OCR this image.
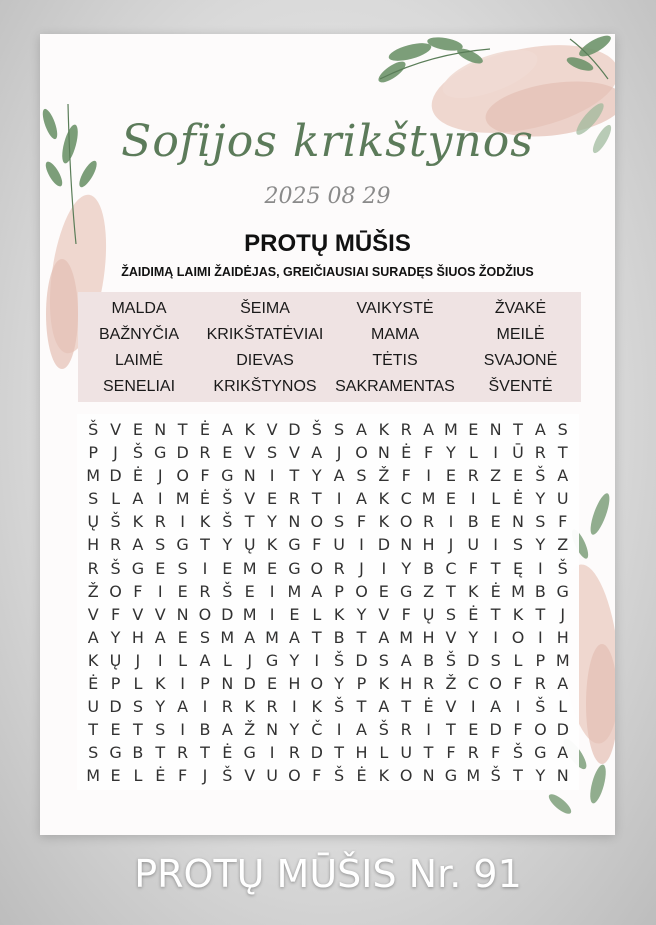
Sofijos krikštynos
2025 08 29
PROTŲ MŪŠIS
ŽAIDIMĄ LAIMI ŽAIDĖJAS, GREIČIAUSIAI SURADĘS ŠIUOS ŽODŽIUS
MALDA	ŠEIMA	VAIKYSTĖ	ŽVAKĖ
BAŽNYČIA	KRIKŠTATĖVIAI	MAMA	MEILĖ
LAIMĖ	DIEVAS	TĖTIS	SVAJONĖ
SENELIAI	KRIKŠTYNOS	SAKRAMENTAS	ŠVENTĖ
Š V E N T Ė A K V D Š S A K R A M E N T A S
P J Š G D R E V S V A J O N Ė F Y L I Ū R T
M D Ė J O F G N I T Y A S Ž F I E R Z E Š A
S L A I M Ė Š V E R T I A K C M E I L Ė Y U
Ų Š K R I K Š T Y N O S F K O R I B E N S F
H R A S G T Y Ų K G F U I D N H J U I S Y Z
R Š G E S I E M E G O R J	I Y B C F T Ę I Š
Ž O F I E R Š E I M A P O E G Z T K Ė M B G
V F V V N O D M I E L K Y V F Ų S Ė T K T J
A Y H A E S M A M A T B T A M H V Y I O I H
K Ų J	I L A L J G Y I Š D S A B Š D S L P M
Ė P L K I P N D E H O Y P K H R Ž C O F R A
U D S Y A I R K R I K Š T A T Ė V I A I Š L
T E T S I B A Ž N Y Č I A Š R I T E D F O D
S G B T R T Ė G I R D T H L U T F R F Š G A
M E L Ė F J Š V U O F Š Ė K O N G M Š T Y N
PROTŲ MŪŠIS Nr. 91
